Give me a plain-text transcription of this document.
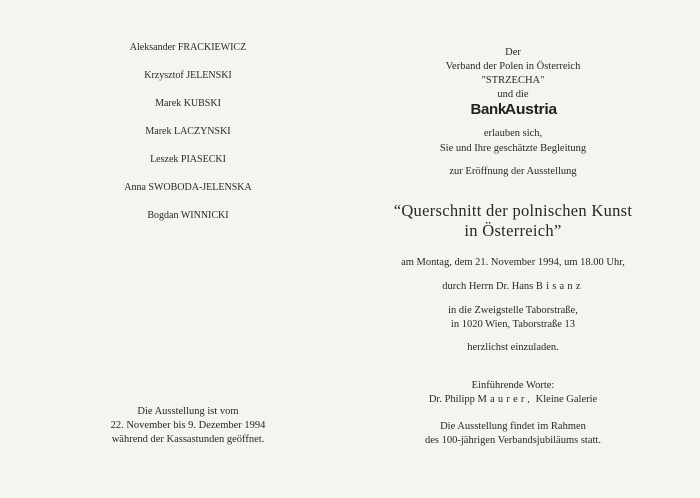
Aleksander FRACKIEWICZ
Krzysztof JELENSKI
Marek KUBSKI
Marek LACZYNSKI
Leszek PIASECKI
Anna SWOBODA-JELENSKA
Bogdan WINNICKI
Die Ausstellung ist vom
22. November bis 9. Dezember 1994
während der Kassastunden geöffnet.
Der
Verband der Polen in Österreich
"STRZECHA"
und die
BankAustria
erlauben sich,
Sie und Ihre geschätzte Begleitung
zur Eröffnung der Ausstellung
“Querschnitt der polnischen Kunst
in Österreich”
am Montag, dem 21. November 1994, um 18.00 Uhr,
durch Herrn Dr. Hans Bisanz
in die Zweigstelle Taborstraße,
in 1020 Wien, Taborstraße 13
herzlichst einzuladen.
Einführende Worte:
Dr. Philipp Maurer, Kleine Galerie
Die Ausstellung findet im Rahmen
des 100-jährigen Verbandsjubiläums statt.
